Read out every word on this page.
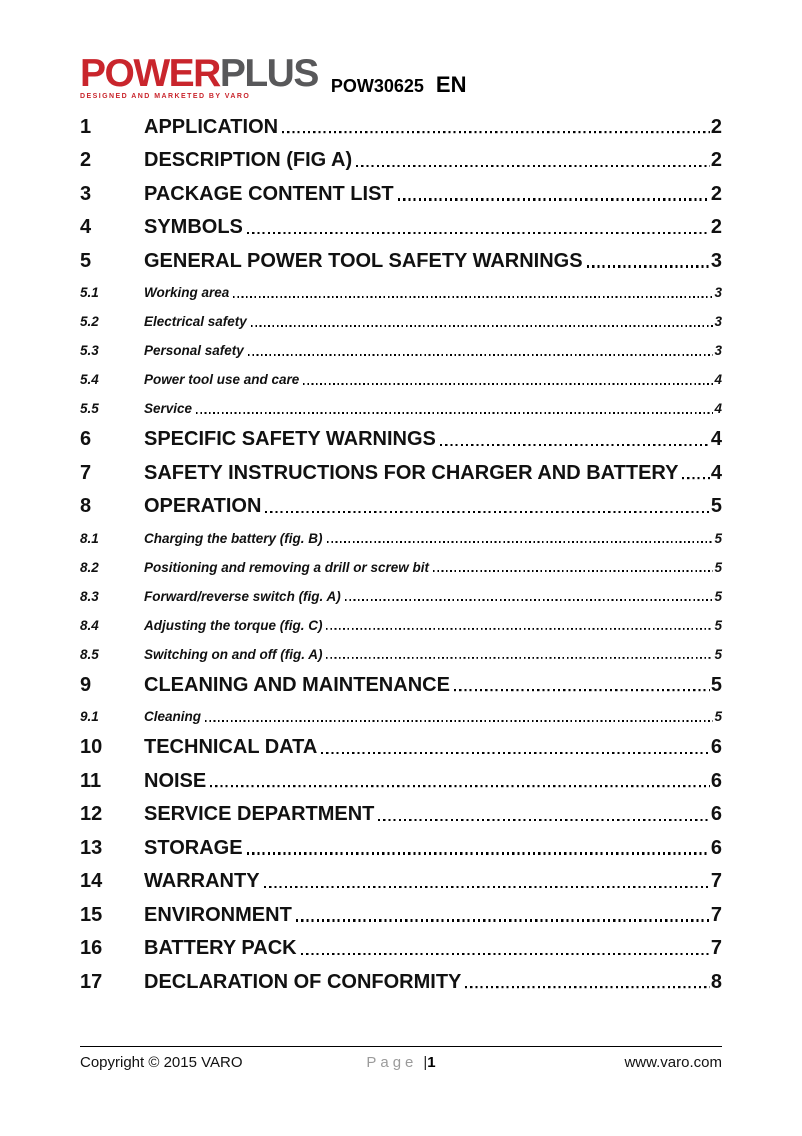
POWERPLUS
DESIGNED AND MARKETED BY VARO
POW30625 EN
1	APPLICATION	2
2	DESCRIPTION (FIG A)	2
3	PACKAGE CONTENT LIST	2
4	SYMBOLS	2
5	GENERAL POWER TOOL SAFETY WARNINGS	3
5.1	Working area	3
5.2	Electrical safety	3
5.3	Personal safety	3
5.4	Power tool use and care	4
5.5	Service	4
6	SPECIFIC SAFETY WARNINGS	4
7	SAFETY INSTRUCTIONS FOR CHARGER AND BATTERY 4
8	OPERATION	5
8.1	Charging the battery (fig. B)	5
8.2	Positioning and removing a drill or screw bit	5
8.3	Forward/reverse switch (fig. A)	5
8.4	Adjusting the torque (fig. C)	5
8.5	Switching on and off (fig. A)	5
9	CLEANING AND MAINTENANCE	5
9.1	Cleaning	5
10	TECHNICAL DATA	6
11	NOISE	6
12	SERVICE DEPARTMENT	6
13	STORAGE	6
14	WARRANTY	7
15	ENVIRONMENT	7
16	BATTERY PACK	7
17	DECLARATION OF CONFORMITY	8
Copyright © 2015 VARO	Page |1	www.varo.com
